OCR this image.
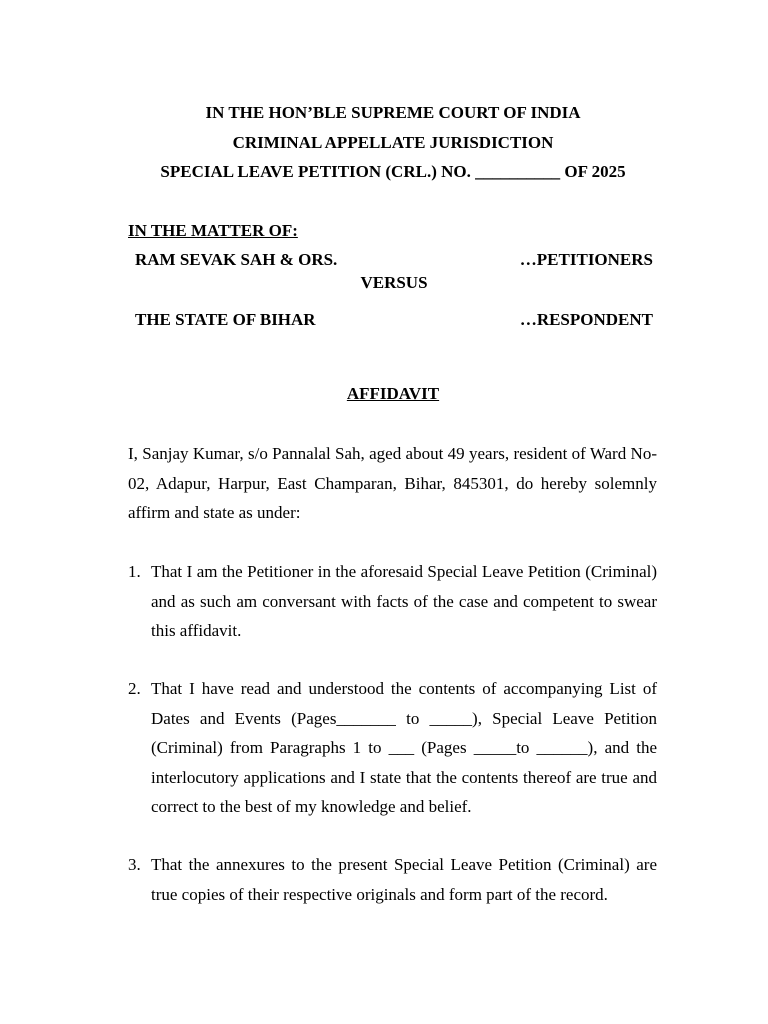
IN THE HON’BLE SUPREME COURT OF INDIA
CRIMINAL APPELLATE JURISDICTION
SPECIAL LEAVE PETITION (CRL.) NO. __________ OF 2025
IN THE MATTER OF:
RAM SEVAK SAH & ORS.	…PETITIONERS
VERSUS
THE STATE OF BIHAR	…RESPONDENT
AFFIDAVIT
I, Sanjay Kumar, s/o Pannalal Sah, aged about 49 years, resident of Ward No-02, Adapur, Harpur, East Champaran, Bihar, 845301, do hereby solemnly affirm and state as under:
1. That I am the Petitioner in the aforesaid Special Leave Petition (Criminal) and as such am conversant with facts of the case and competent to swear this affidavit.
2. That I have read and understood the contents of accompanying List of Dates and Events (Pages_______ to _____), Special Leave Petition (Criminal) from Paragraphs 1 to ___ (Pages _____to ______), and the interlocutory applications and I state that the contents thereof are true and correct to the best of my knowledge and belief.
3. That the annexures to the present Special Leave Petition (Criminal) are true copies of their respective originals and form part of the record.
